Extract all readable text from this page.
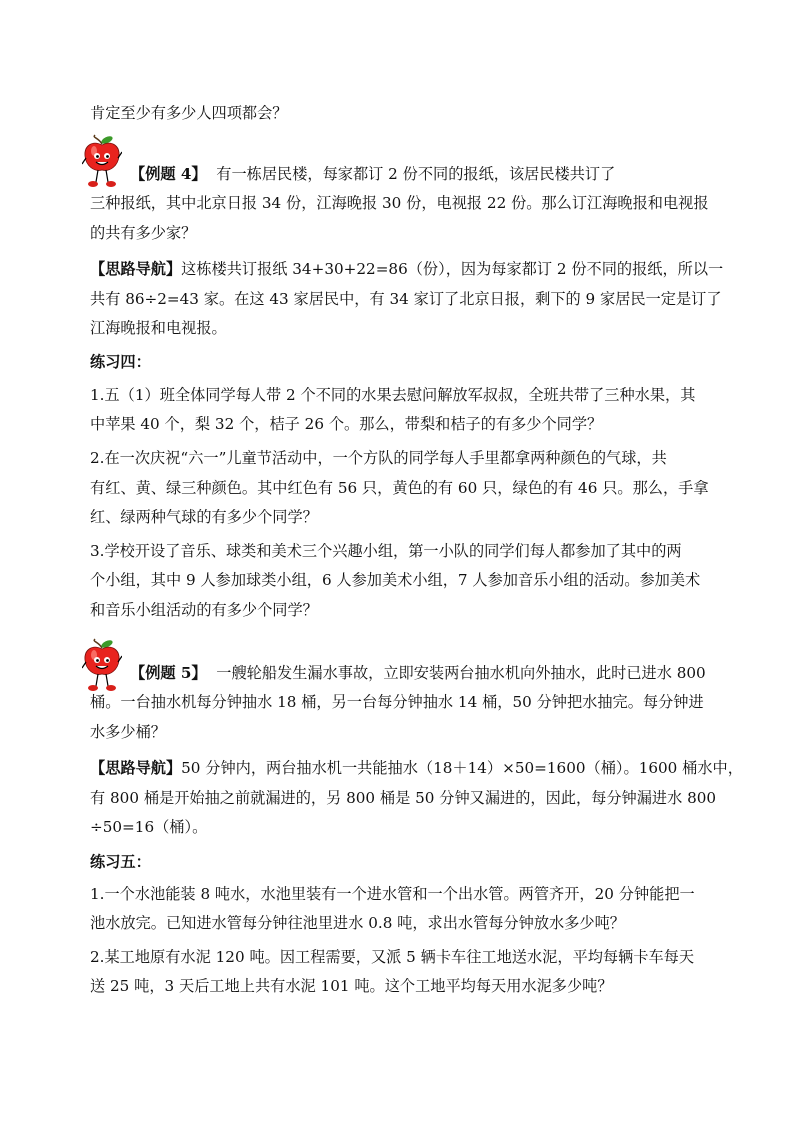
肯定至少有多少人四项都会？
【例题 4】 有一栋居民楼，每家都订 2 份不同的报纸，该居民楼共订了
三种报纸，其中北京日报 34 份，江海晚报 30 份，电视报 22 份。那么订江海晚报和电视报
的共有多少家？
【思路导航】这栋楼共订报纸 34+30+22=86（份），因为每家都订 2 份不同的报纸，所以一
共有 86÷2=43 家。在这 43 家居民中，有 34 家订了北京日报，剩下的 9 家居民一定是订了
江海晚报和电视报。
练习四：
1.五（1）班全体同学每人带 2 个不同的水果去慰问解放军叔叔，全班共带了三种水果，其
中苹果 40 个，梨 32 个，桔子 26 个。那么，带梨和桔子的有多少个同学？
2.在一次庆祝“六一”儿童节活动中，一个方队的同学每人手里都拿两种颜色的气球，共
有红、黄、绿三种颜色。其中红色有 56 只，黄色的有 60 只，绿色的有 46 只。那么，手拿
红、绿两种气球的有多少个同学？
3.学校开设了音乐、球类和美术三个兴趣小组，第一小队的同学们每人都参加了其中的两
个小组，其中 9 人参加球类小组，6 人参加美术小组，7 人参加音乐小组的活动。参加美术
和音乐小组活动的有多少个同学？
【例题 5】 一艘轮船发生漏水事故，立即安装两台抽水机向外抽水，此时已进水 800
桶。一台抽水机每分钟抽水 18 桶，另一台每分钟抽水 14 桶，50 分钟把水抽完。每分钟进
水多少桶？
【思路导航】50 分钟内，两台抽水机一共能抽水（18＋14）×50=1600（桶）。1600 桶水中，
有 800 桶是开始抽之前就漏进的，另 800 桶是 50 分钟又漏进的，因此，每分钟漏进水 800
÷50=16（桶）。
练习五：
1.一个水池能装 8 吨水，水池里装有一个进水管和一个出水管。两管齐开，20 分钟能把一
池水放完。已知进水管每分钟往池里进水 0.8 吨，求出水管每分钟放水多少吨？
2.某工地原有水泥 120 吨。因工程需要，又派 5 辆卡车往工地送水泥，平均每辆卡车每天
送 25 吨，3 天后工地上共有水泥 101 吨。这个工地平均每天用水泥多少吨？
